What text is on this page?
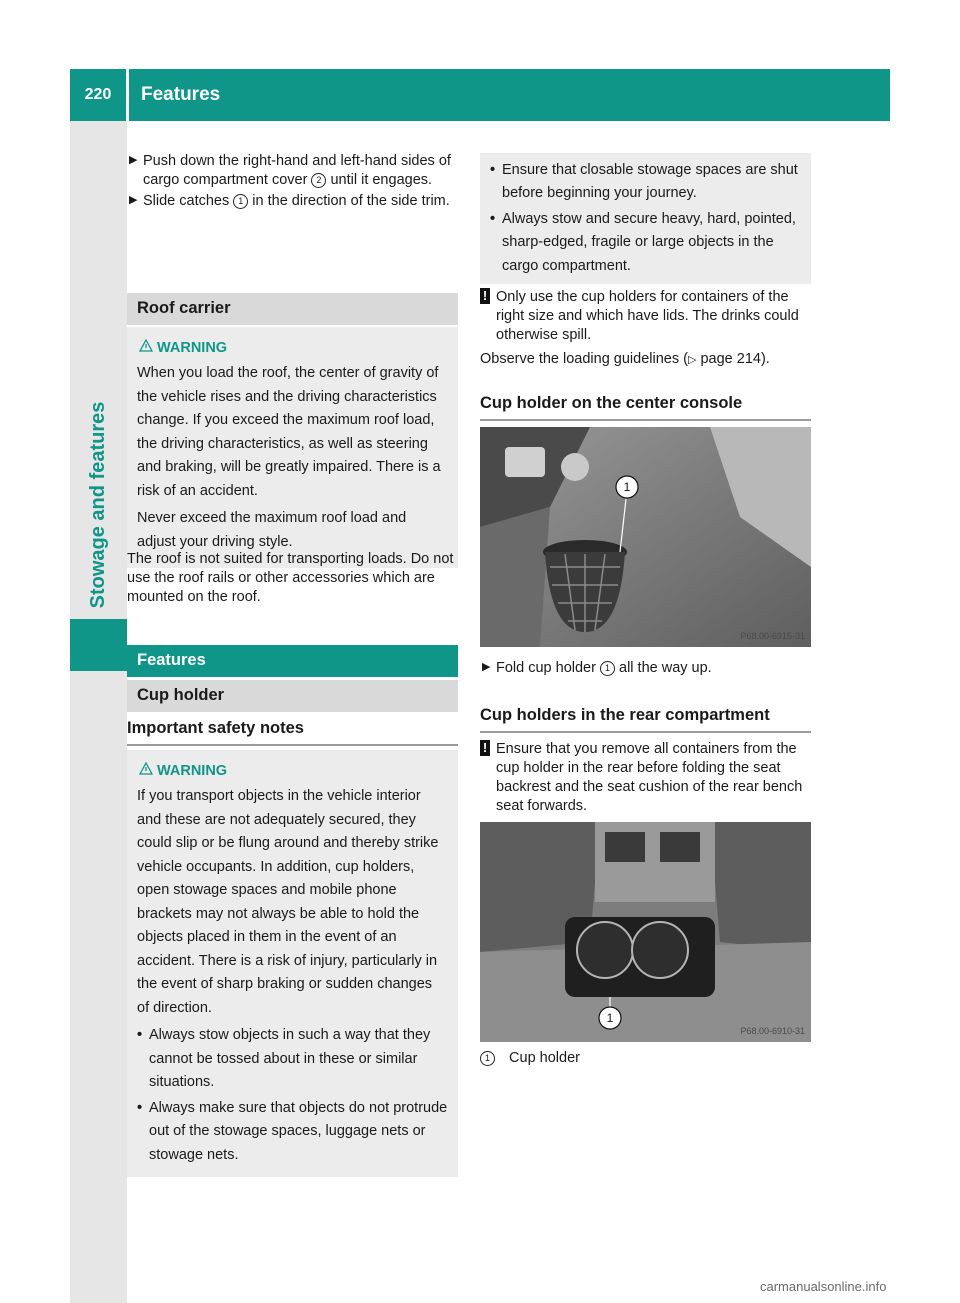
220	Features
Stowage and features
▶ Push down the right-hand and left-hand sides of cargo compartment cover 2 until it engages.
▶ Slide catches 1 in the direction of the side trim.
Roof carrier
WARNING

When you load the roof, the center of gravity of the vehicle rises and the driving characteristics change. If you exceed the maximum roof load, the driving characteristics, as well as steering and braking, will be greatly impaired. There is a risk of an accident.

Never exceed the maximum roof load and adjust your driving style.

The roof is not suited for transporting loads. Do not use the roof rails or other accessories which are mounted on the roof.
Features
Cup holder
Important safety notes
WARNING

If you transport objects in the vehicle interior and these are not adequately secured, they could slip or be flung around and thereby strike vehicle occupants. In addition, cup holders, open stowage spaces and mobile phone brackets may not always be able to hold the objects placed in them in the event of an accident. There is a risk of injury, particularly in the event of sharp braking or sudden changes of direction.

• Always stow objects in such a way that they cannot be tossed about in these or similar situations.
• Always make sure that objects do not protrude out of the stowage spaces, luggage nets or stowage nets.
• Ensure that closable stowage spaces are shut before beginning your journey.
• Always stow and secure heavy, hard, pointed, sharp-edged, fragile or large objects in the cargo compartment.
! Only use the cup holders for containers of the right size and which have lids. The drinks could otherwise spill.
Observe the loading guidelines (▷ page 214).
Cup holder on the center console
1
P68.00-6915-31
▶ Fold cup holder 1 all the way up.
Cup holders in the rear compartment
! Ensure that you remove all containers from the cup holder in the rear before folding the seat backrest and the seat cushion of the rear bench seat forwards.
1
P68.00-6910-31
1 Cup holder
carmanualsonline.info
